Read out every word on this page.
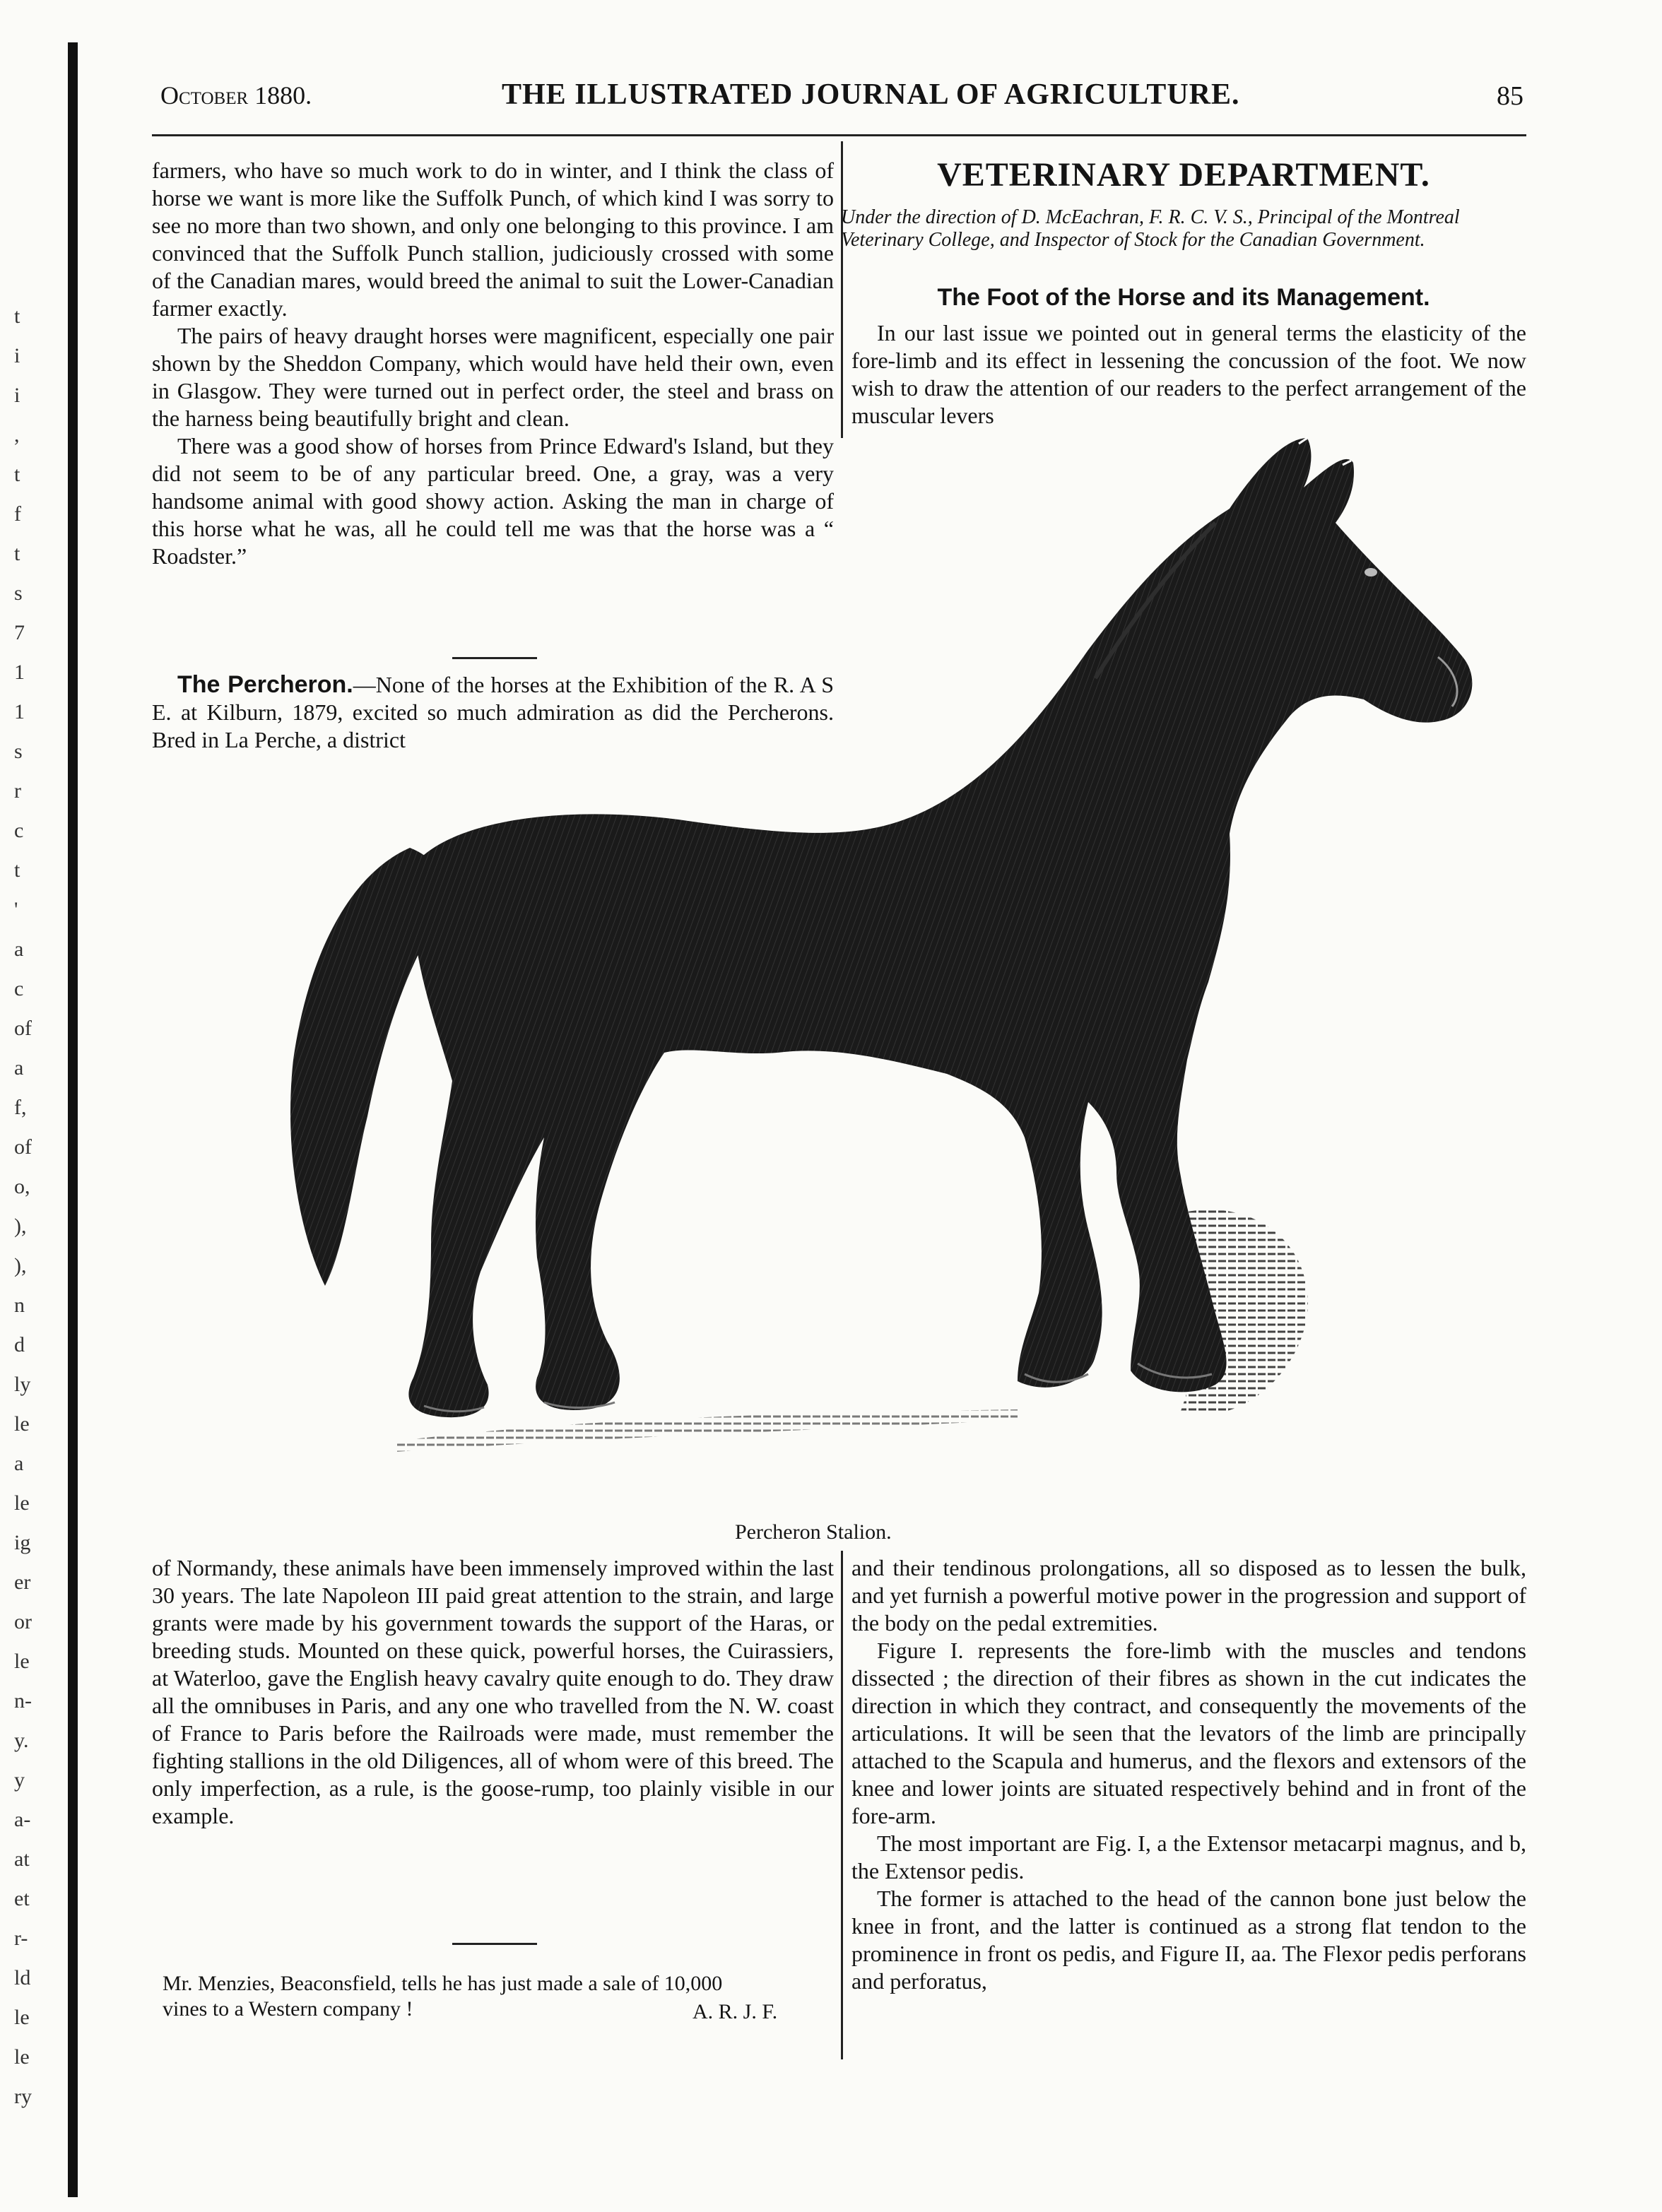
t
i
i
,
t
f
t
s
7
1
1
s
r
c
t
'
a
c
of
a
f,
of
o,
),
),
n
d
ly
le
a
le
ig
er
or
le
n-
y.
y
a-
at
et
r-
ld
le
le
ry
October 1880.	THE ILLUSTRATED JOURNAL OF AGRICULTURE.	85

farmers, who have so much work to do in winter, and I think the class of horse we want is more like the Suffolk Punch, of which kind I was sorry to see no more than two shown, and only one belonging to this province. I am convinced that the Suffolk Punch stallion, judiciously crossed with some of the Canadian mares, would breed the animal to suit the Lower-Canadian farmer exactly.

The pairs of heavy draught horses were magnificent, especially one pair shown by the Sheddon Company, which would have held their own, even in Glasgow. They were turned out in perfect order, the steel and brass on the harness being beautifully bright and clean.

There was a good show of horses from Prince Edward's Island, but they did not seem to be of any particular breed. One, a gray, was a very handsome animal with good showy action. Asking the man in charge of this horse what he was, all he could tell me was that the horse was a “ Roadster.”

The Percheron.—None of the horses at the Exhibition of the R. A S E. at Kilburn, 1879, excited so much admiration as did the Percherons. Bred in La Perche, a district

VETERINARY DEPARTMENT.
Under the direction of D. McEachran, F. R. C. V. S., Principal of the Montreal Veterinary College, and Inspector of Stock for the Canadian Government.
The Foot of the Horse and its Management.

In our last issue we pointed out in general terms the elasticity of the fore-limb and its effect in lessening the concussion of the foot. We now wish to draw the attention of our readers to the perfect arrangement of the muscular levers

Percheron Stalion.

of Normandy, these animals have been immensely improved within the last 30 years. The late Napoleon III paid great attention to the strain, and large grants were made by his government towards the support of the Haras, or breeding studs. Mounted on these quick, powerful horses, the Cuirassiers, at Waterloo, gave the English heavy cavalry quite enough to do. They draw all the omnibuses in Paris, and any one who travelled from the N. W. coast of France to Paris before the Railroads were made, must remember the fighting stallions in the old Diligences, all of whom were of this breed. The only imperfection, as a rule, is the goose-rump, too plainly visible in our example.

Mr. Menzies, Beaconsfield, tells he has just made a sale of 10,000 vines to a Western company !	A. R. J. F.

and their tendinous prolongations, all so disposed as to lessen the bulk, and yet furnish a powerful motive power in the progression and support of the body on the pedal extremities.

Figure I. represents the fore-limb with the muscles and tendons dissected ; the direction of their fibres as shown in the cut indicates the direction in which they contract, and consequently the movements of the articulations. It will be seen that the levators of the limb are principally attached to the Scapula and humerus, and the flexors and extensors of the knee and lower joints are situated respectively behind and in front of the fore-arm.

The most important are Fig. I, a the Extensor metacarpi magnus, and b, the Extensor pedis.

The former is attached to the head of the cannon bone just below the knee in front, and the latter is continued as a strong flat tendon to the prominence in front os pedis, and Figure II, aa. The Flexor pedis perforans and perforatus,
